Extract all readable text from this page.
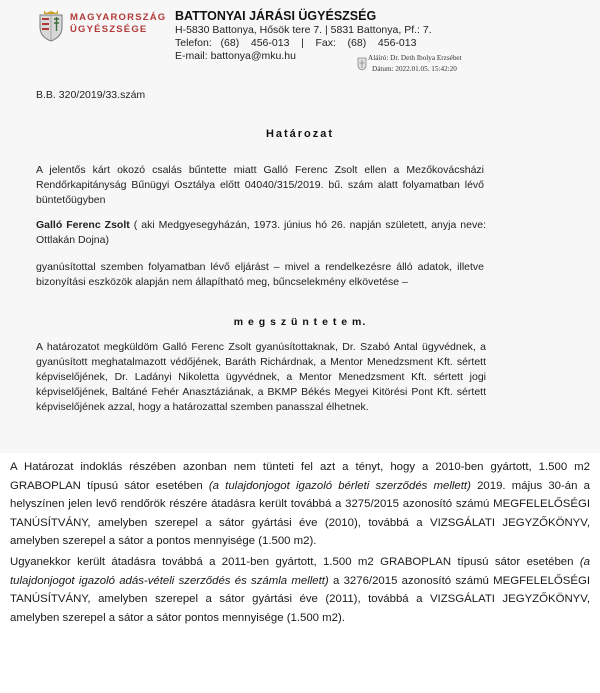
MAGYARORSZÁG
ÜGYÉSZSÉGE
BATTONYAI JÁRÁSI ÜGYÉSZSÉG
H-5830 Battonya, Hősök tere 7. | 5831 Battonya, Pf.: 7.
Telefon:   (68)    456-013    |    Fax:    (68)    456-013
E-mail: battonya@mku.hu	Aláíró: Dr. Deth Ibolya Erzsébet
Dátum: 2022.01.05. 15:42:20
B.B. 320/2019/33.szám
Határozat
A jelentős kárt okozó csalás bűntette miatt Galló Ferenc Zsolt ellen a Mezőkovácsházi Rendőrkapitányság Bűnügyi Osztálya előtt 04040/315/2019. bű. szám alatt folyamatban lévő büntetőügyben
Galló Ferenc Zsolt ( aki Medgyesegyházán, 1973. június hó 26. napján született, anyja neve: Ottlakán Dojna)
gyanúsítottal szemben folyamatban lévő eljárást – mivel a rendelkezésre álló adatok, illetve bizonyítási eszközök alapján nem állapítható meg, bűncselekmény elkövetése –
m e g s z ü n t e t e m.
A határozatot megküldöm Galló Ferenc Zsolt gyanúsítottaknak, Dr. Szabó Antal ügyvédnek, a gyanúsított meghatalmazott védőjének, Baráth Richárdnak, a Mentor Menedzsment Kft. sértett képviselőjének, Dr. Ladányi Nikoletta ügyvédnek, a Mentor Menedzsment Kft. sértett jogi képviselőjének, Baltáné Fehér Anasztáziának, a BKMP Békés Megyei Kitörési Pont Kft. sértett képviselőjének azzal, hogy a határozattal szemben panasszal élhetnek.
A Határozat indoklás részében azonban nem tünteti fel azt a tényt, hogy a 2010-ben gyártott, 1.500 m2 GRABOPLAN típusú sátor esetében (a tulajdonjogot igazoló bérleti szerződés mellett) 2019. május 30-án a helyszínen jelen levő rendőrök részére átadásra került továbbá a 3275/2015 azonosító számú MEGFELELŐSÉGI TANÚSÍTVÁNY, amelyben szerepel a sátor gyártási éve (2010), továbbá a VIZSGÁLATI JEGYZŐKÖNYV, amelyben szerepel a sátor a pontos mennyisége (1.500 m2).
Ugyanekkor került átadásra továbbá a 2011-ben gyártott, 1.500 m2 GRABOPLAN típusú sátor esetében (a tulajdonjogot igazoló adás-vételi szerződés és számla mellett) a 3276/2015 azonosító számú MEGFELELŐSÉGI TANÚSÍTVÁNY, amelyben szerepel a sátor gyártási éve (2011), továbbá a VIZSGÁLATI JEGYZŐKÖNYV, amelyben szerepel a sátor a sátor pontos mennyisége (1.500 m2).
